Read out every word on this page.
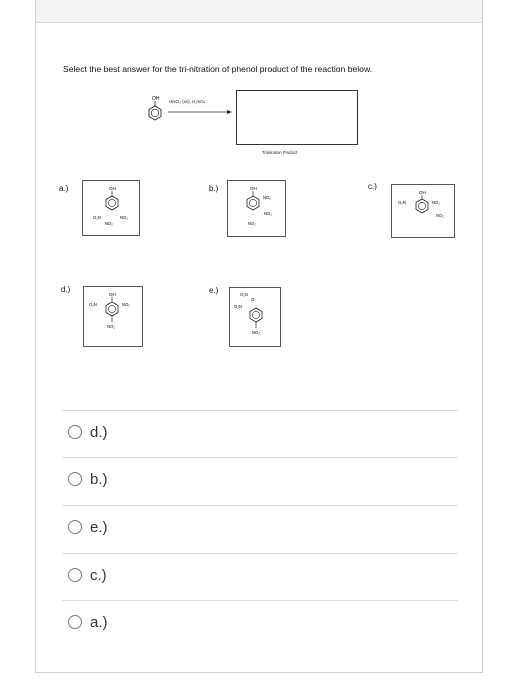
Select the best answer for the tri-nitration of phenol product of the reaction below.
OH HNO₃ (xs), H₂SO₄
Trinitration Product
a.)	OH
O₂N	NO₂
NO₂
b.)	OH
NO₂
NO₂
NO₂
c.)
OH
O₂N	NO₂
NO₂
d.)
OH
O₂N	NO₂
NO₂
e.)	O₂N
O
O₂N
NO₂
d.)
b.)
e.)
c.)
a.)
